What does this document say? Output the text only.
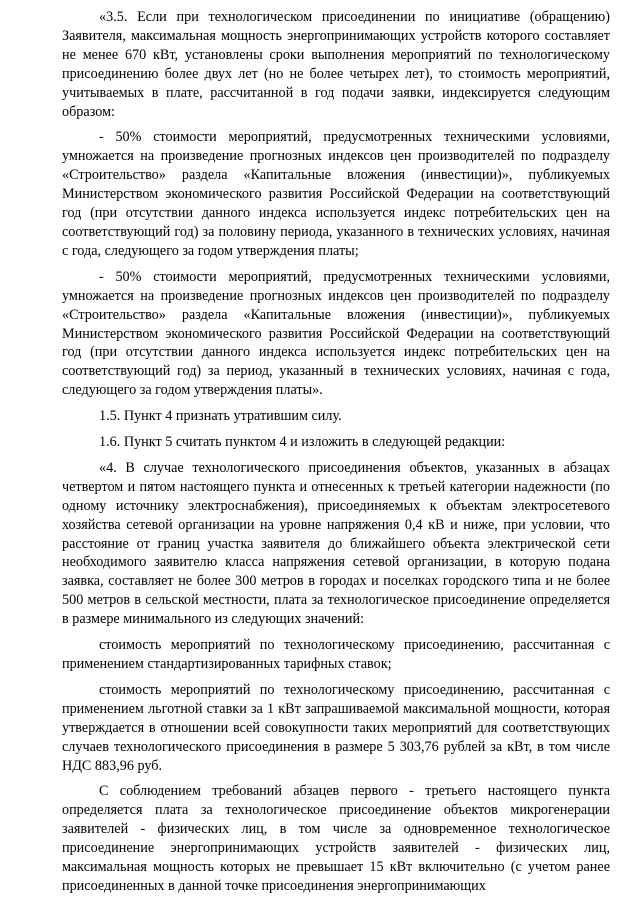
«3.5. Если при технологическом присоединении по инициативе (обращению) Заявителя, максимальная мощность энергопринимающих устройств которого составляет не менее 670 кВт, установлены сроки выполнения мероприятий по технологическому присоединению более двух лет (но не более четырех лет), то стоимость мероприятий, учитываемых в плате, рассчитанной в год подачи заявки, индексируется следующим образом:

- 50% стоимости мероприятий, предусмотренных техническими условиями, умножается на произведение прогнозных индексов цен производителей по подразделу «Строительство» раздела «Капитальные вложения (инвестиции)», публикуемых Министерством экономического развития Российской Федерации на соответствующий год (при отсутствии данного индекса используется индекс потребительских цен на соответствующий год) за половину периода, указанного в технических условиях, начиная с года, следующего за годом утверждения платы;

- 50% стоимости мероприятий, предусмотренных техническими условиями, умножается на произведение прогнозных индексов цен производителей по подразделу «Строительство» раздела «Капитальные вложения (инвестиции)», публикуемых Министерством экономического развития Российской Федерации на соответствующий год (при отсутствии данного индекса используется индекс потребительских цен на соответствующий год) за период, указанный в технических условиях, начиная с года, следующего за годом утверждения платы».

1.5. Пункт 4 признать утратившим силу.

1.6. Пункт 5 считать пунктом 4 и изложить в следующей редакции:

«4. В случае технологического присоединения объектов, указанных в абзацах четвертом и пятом настоящего пункта и отнесенных к третьей категории надежности (по одному источнику электроснабжения), присоединяемых к объектам электросетевого хозяйства сетевой организации на уровне напряжения 0,4 кВ и ниже, при условии, что расстояние от границ участка заявителя до ближайшего объекта электрической сети необходимого заявителю класса напряжения сетевой организации, в которую подана заявка, составляет не более 300 метров в городах и поселках городского типа и не более 500 метров в сельской местности, плата за технологическое присоединение определяется в размере минимального из следующих значений:

стоимость мероприятий по технологическому присоединению, рассчитанная с применением стандартизированных тарифных ставок;

стоимость мероприятий по технологическому присоединению, рассчитанная с применением льготной ставки за 1 кВт запрашиваемой максимальной мощности, которая утверждается в отношении всей совокупности таких мероприятий для соответствующих случаев технологического присоединения в размере 5 303,76 рублей за кВт, в том числе НДС 883,96 руб.

С соблюдением требований абзацев первого - третьего настоящего пункта определяется плата за технологическое присоединение объектов микрогенерации заявителей - физических лиц, в том числе за одновременное технологическое присоединение энергопринимающих устройств заявителей - физических лиц, максимальная мощность которых не превышает 15 кВт включительно (с учетом ранее присоединенных в данной точке присоединения энергопринимающих
